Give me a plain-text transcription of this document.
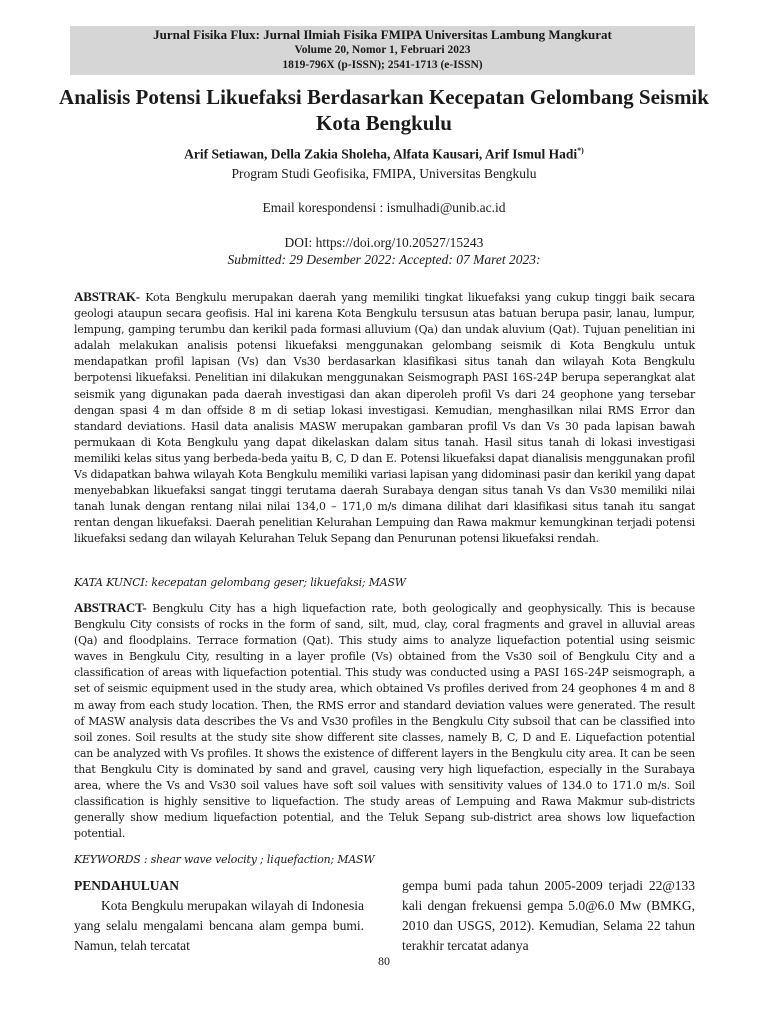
Jurnal Fisika Flux: Jurnal Ilmiah Fisika FMIPA Universitas Lambung Mangkurat
Volume 20, Nomor 1, Februari 2023
1819-796X (p-ISSN); 2541-1713 (e-ISSN)
Analisis Potensi Likuefaksi Berdasarkan Kecepatan Gelombang Seismik Kota Bengkulu
Arif Setiawan, Della Zakia Sholeha, Alfata Kausari, Arif Ismul Hadi*)
Program Studi Geofisika, FMIPA, Universitas Bengkulu
Email korespondensi : ismulhadi@unib.ac.id
DOI: https://doi.org/10.20527/15243
Submitted: 29 Desember 2022: Accepted: 07 Maret 2023:
ABSTRAK- Kota Bengkulu merupakan daerah yang memiliki tingkat likuefaksi yang cukup tinggi baik secara geologi ataupun secara geofisis. Hal ini karena Kota Bengkulu tersusun atas batuan berupa pasir, lanau, lumpur, lempung, gamping terumbu dan kerikil pada formasi alluvium (Qa) dan undak aluvium (Qat). Tujuan penelitian ini adalah melakukan analisis potensi likuefaksi menggunakan gelombang seismik di Kota Bengkulu untuk mendapatkan profil lapisan (Vs) dan Vs30 berdasarkan klasifikasi situs tanah dan wilayah Kota Bengkulu berpotensi likuefaksi. Penelitian ini dilakukan menggunakan Seismograph PASI 16S-24P berupa seperangkat alat seismik yang digunakan pada daerah investigasi dan akan diperoleh profil Vs dari 24 geophone yang tersebar dengan spasi 4 m dan offside 8 m di setiap lokasi investigasi. Kemudian, menghasilkan nilai RMS Error dan standard deviations. Hasil data analisis MASW merupakan gambaran profil Vs dan Vs 30 pada lapisan bawah permukaan di Kota Bengkulu yang dapat dikelaskan dalam situs tanah. Hasil situs tanah di lokasi investigasi memiliki kelas situs yang berbeda-beda yaitu B, C, D dan E. Potensi likuefaksi dapat dianalisis menggunakan profil Vs didapatkan bahwa wilayah Kota Bengkulu memiliki variasi lapisan yang didominasi pasir dan kerikil yang dapat menyebabkan likuefaksi sangat tinggi terutama daerah Surabaya dengan situs tanah Vs dan Vs30 memiliki nilai tanah lunak dengan rentang nilai nilai 134,0 – 171,0 m/s dimana dilihat dari klasifikasi situs tanah itu sangat rentan dengan likuefaksi. Daerah penelitian Kelurahan Lempuing dan Rawa makmur kemungkinan terjadi potensi likuefaksi sedang dan wilayah Kelurahan Teluk Sepang dan Penurunan potensi likuefaksi rendah.
KATA KUNCI: kecepatan gelombang geser; likuefaksi; MASW
ABSTRACT- Bengkulu City has a high liquefaction rate, both geologically and geophysically. This is because Bengkulu City consists of rocks in the form of sand, silt, mud, clay, coral fragments and gravel in alluvial areas (Qa) and floodplains. Terrace formation (Qat). This study aims to analyze liquefaction potential using seismic waves in Bengkulu City, resulting in a layer profile (Vs) obtained from the Vs30 soil of Bengkulu City and a classification of areas with liquefaction potential. This study was conducted using a PASI 16S-24P seismograph, a set of seismic equipment used in the study area, which obtained Vs profiles derived from 24 geophones 4 m and 8 m away from each study location. Then, the RMS error and standard deviation values were generated. The result of MASW analysis data describes the Vs and Vs30 profiles in the Bengkulu City subsoil that can be classified into soil zones. Soil results at the study site show different site classes, namely B, C, D and E. Liquefaction potential can be analyzed with Vs profiles. It shows the existence of different layers in the Bengkulu city area. It can be seen that Bengkulu City is dominated by sand and gravel, causing very high liquefaction, especially in the Surabaya area, where the Vs and Vs30 soil values have soft soil values with sensitivity values of 134.0 to 171.0 m/s. Soil classification is highly sensitive to liquefaction. The study areas of Lempuing and Rawa Makmur sub-districts generally show medium liquefaction potential, and the Teluk Sepang sub-district area shows low liquefaction potential.
KEYWORDS : shear wave velocity ; liquefaction; MASW
PENDAHULUAN
Kota Bengkulu merupakan wilayah di Indonesia yang selalu mengalami bencana alam gempa bumi. Namun, telah tercatat
gempa bumi pada tahun 2005-2009 terjadi 22@133 kali dengan frekuensi gempa 5.0@6.0 Mw (BMKG, 2010 dan USGS, 2012). Kemudian, Selama 22 tahun terakhir tercatat adanya
80
